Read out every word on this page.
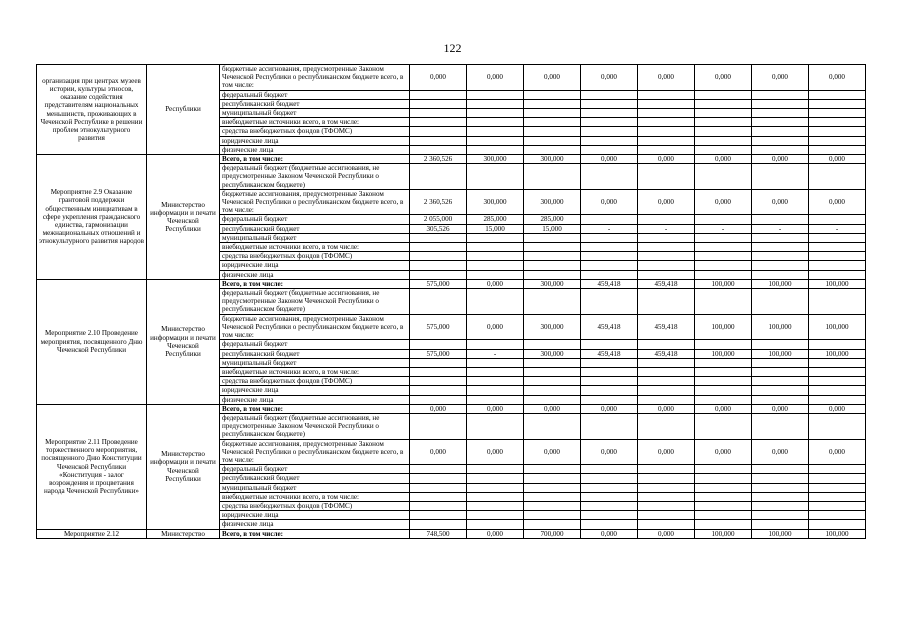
122
организация при центрах музеев истории, культуры этносов, оказание содействия представителям национальных меньшинств, проживающих в Чеченской Республике в решении проблем этнокультурного развития	Республики	бюджетные ассигнования, предусмотренные Законом Чеченской Республики о республиканском бюджете всего, в том числе:	0,000	0,000	0,000	0,000	0,000	0,000	0,000	0,000
		федеральный бюджет								
		республиканский бюджет								
		муниципальный бюджет								
		внебюджетные источники всего, в том числе:								
		средства внебюджетных фондов (ТФОМС)								
		юридические лица								
		физические лица								
Мероприятие 2.9 Оказание грантовой поддержки общественным инициативам в сфере укрепления гражданского единства, гармонизации межнациональных отношений и этнокультурного развития народов	Министерство информации и печати Чеченской Республики	Всего, в том числе:	2 360,526	300,000	300,000	0,000	0,000	0,000	0,000	0,000
		федеральный бюджет (бюджетные ассигнования, не предусмотренные Законом Чеченской Республики о республиканском бюджете)								
		бюджетные ассигнования, предусмотренные Законом Чеченской Республики о республиканском бюджете всего, в том числе:	2 360,526	300,000	300,000	0,000	0,000	0,000	0,000	0,000
		федеральный бюджет	2 055,000	285,000	285,000					
		республиканский бюджет	305,526	15,000	15,000	-	-	-	-	-
		муниципальный бюджет								
		внебюджетные источники всего, в том числе:								
		средства внебюджетных фондов (ТФОМС)								
		юридические лица								
		физические лица								
Мероприятие 2.10 Проведение мероприятия, посвященного Дню Чеченской Республики	Министерство информации и печати Чеченской Республики	Всего, в том числе:	575,000	0,000	300,000	459,418	459,418	100,000	100,000	100,000
		федеральный бюджет (бюджетные ассигнования, не предусмотренные Законом Чеченской Республики о республиканском бюджете)								
		бюджетные ассигнования, предусмотренные Законом Чеченской Республики о республиканском бюджете всего, в том числе:	575,000	0,000	300,000	459,418	459,418	100,000	100,000	100,000
		федеральный бюджет								
		республиканский бюджет	575,000	-	300,000	459,418	459,418	100,000	100,000	100,000
		муниципальный бюджет								
		внебюджетные источники всего, в том числе:								
		средства внебюджетных фондов (ТФОМС)								
		юридические лица								
		физические лица								
Мероприятие 2.11 Проведение торжественного мероприятия, посвященного Дню Конституции Чеченской Республики «Конституция - залог возрождения и процветания народа Чеченской Республики»	Министерство информации и печати Чеченской Республики	Всего, в том числе:	0,000	0,000	0,000	0,000	0,000	0,000	0,000	0,000
		федеральный бюджет (бюджетные ассигнования, не предусмотренные Законом Чеченской Республики о республиканском бюджете)								
		бюджетные ассигнования, предусмотренные Законом Чеченской Республики о республиканском бюджете всего, в том числе:	0,000	0,000	0,000	0,000	0,000	0,000	0,000	0,000
		федеральный бюджет								
		республиканский бюджет								
		муниципальный бюджет								
		внебюджетные источники всего, в том числе:								
		средства внебюджетных фондов (ТФОМС)								
		юридические лица								
		физические лица								
Мероприятие 2.12	Министерство	Всего, в том числе:	748,500	0,000	700,000	0,000	0,000	100,000	100,000	100,000
